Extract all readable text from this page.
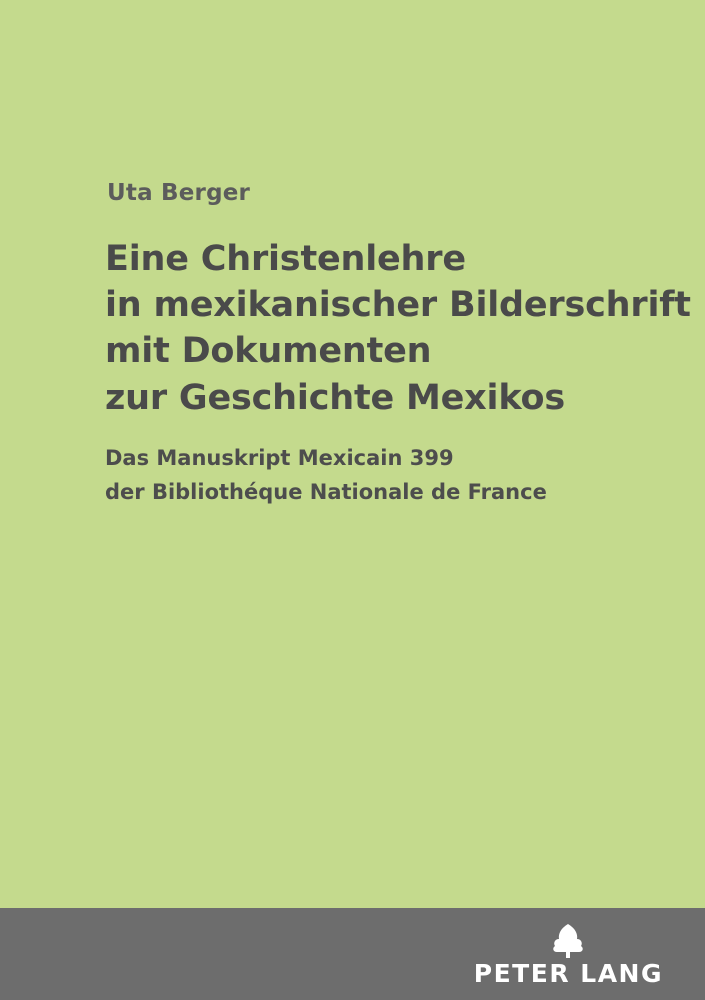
Uta Berger
Eine Christenlehre
in mexikanischer Bilderschrift
mit Dokumenten
zur Geschichte Mexikos
Das Manuskript Mexicain 399
der Bibliothéque Nationale de France
PETER LANG
